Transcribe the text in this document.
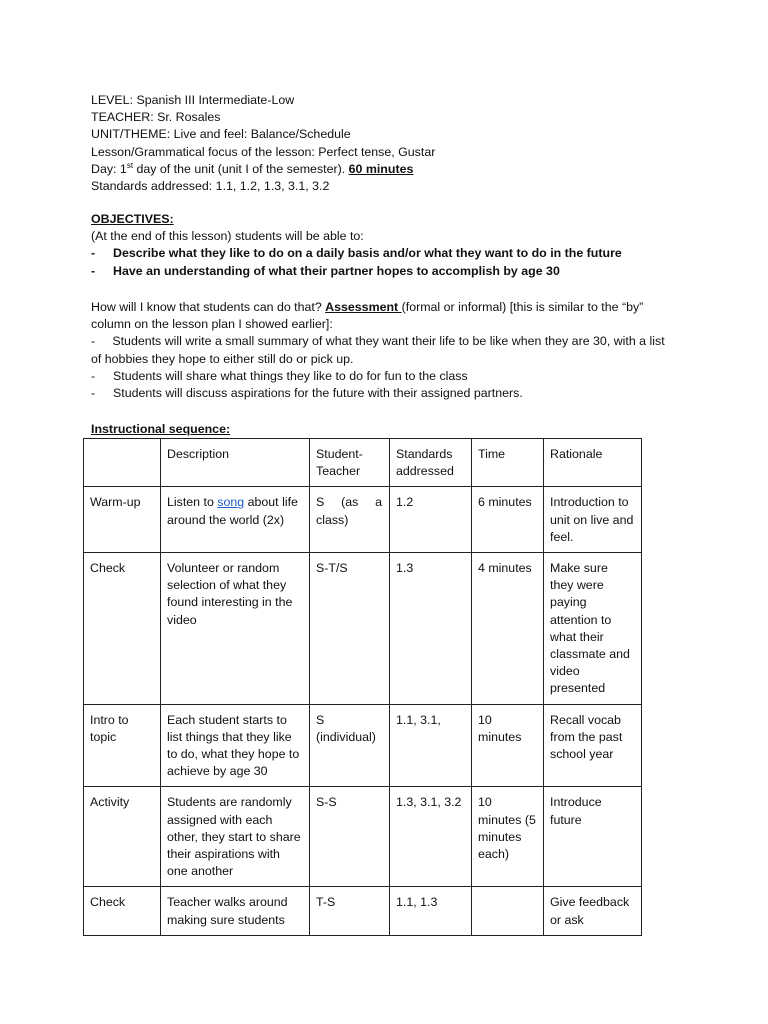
LEVEL: Spanish III Intermediate-Low
TEACHER: Sr. Rosales
UNIT/THEME: Live and feel: Balance/Schedule
Lesson/Grammatical focus of the lesson: Perfect tense, Gustar
Day: 1st day of the unit (unit I of the semester). 60 minutes
Standards addressed: 1.1, 1.2, 1.3, 3.1, 3.2
OBJECTIVES:
(At the end of this lesson) students will be able to:
-	Describe what they like to do on a daily basis and/or what they want to do in the future
-	Have an understanding of what their partner hopes to accomplish by age 30
How will I know that students can do that? Assessment (formal or informal) [this is similar to the “by” column on the lesson plan I showed earlier]:
-     Students will write a small summary of what they want their life to be like when they are 30, with a list of hobbies they hope to either still do or pick up.
-	Students will share what things they like to do for fun to the class
-	Students will discuss aspirations for the future with their assigned partners.
Instructional sequence:
	Description	Student-Teacher	Standards addressed	Time	Rationale
Warm-up	Listen to song about life around the world (2x)	S (as a
class)	1.2	6 minutes	Introduction to unit on live and feel.
Check	Volunteer or random selection of what they found interesting in the video	S-T/S	1.3	4 minutes	Make sure they were paying attention to what their classmate and video presented
Intro to topic	Each student starts to list things that they like to do, what they hope to achieve by age 30	S (individual)	1.1, 3.1,	10 minutes	Recall vocab from the past school year
Activity	Students are randomly assigned with each other, they start to share their aspirations with one another	S-S	1.3, 3.1, 3.2	10 minutes (5 minutes each)	Introduce future
Check	Teacher walks around making sure students	T-S	1.1, 1.3		Give feedback or ask
